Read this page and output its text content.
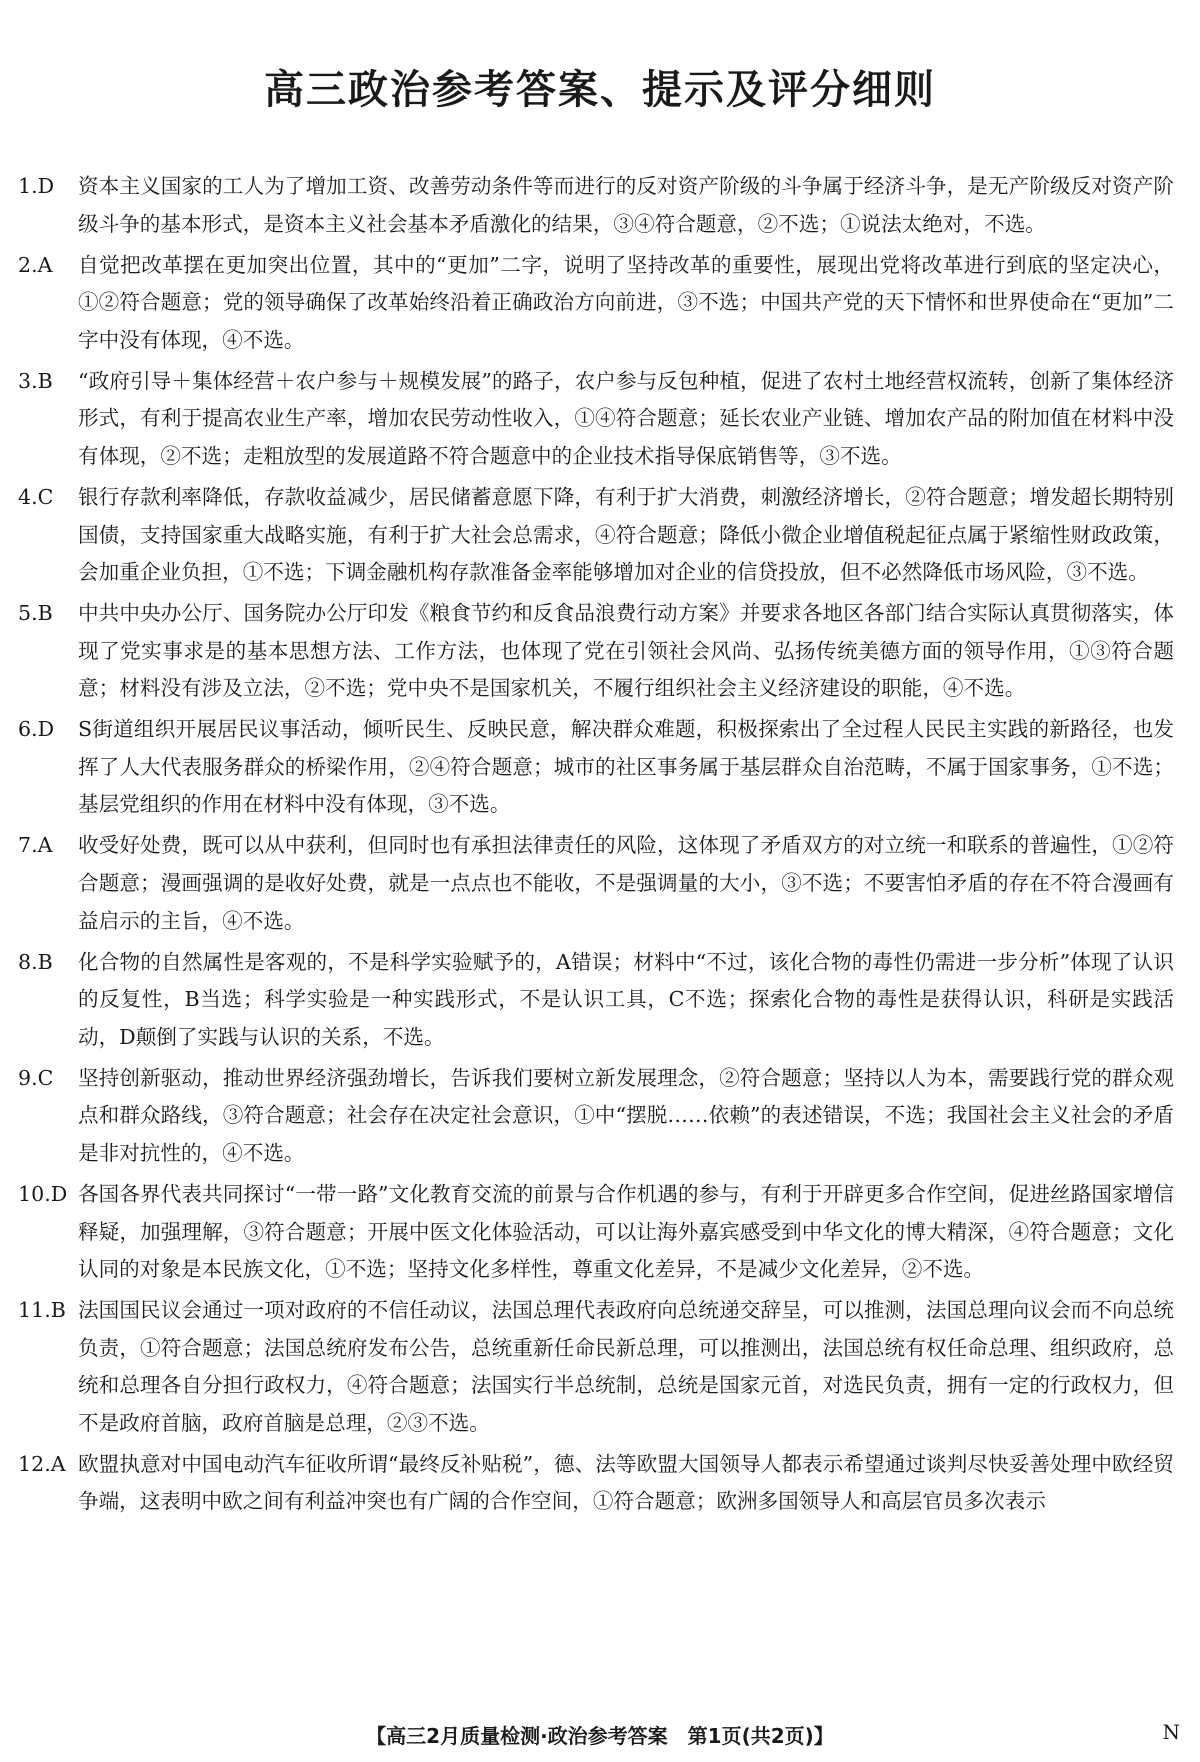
高三政治参考答案、提示及评分细则
1.D	资本主义国家的工人为了增加工资、改善劳动条件等而进行的反对资产阶级的斗争属于经济斗争，是无产阶级反对资产阶级斗争的基本形式，是资本主义社会基本矛盾激化的结果，③④符合题意，②不选；①说法太绝对，不选。
2.A	自觉把改革摆在更加突出位置，其中的“更加”二字，说明了坚持改革的重要性，展现出党将改革进行到底的坚定决心，①②符合题意；党的领导确保了改革始终沿着正确政治方向前进，③不选；中国共产党的天下情怀和世界使命在“更加”二字中没有体现，④不选。
3.B	“政府引导＋集体经营＋农户参与＋规模发展”的路子，农户参与反包种植，促进了农村土地经营权流转，创新了集体经济形式，有利于提高农业生产率，增加农民劳动性收入，①④符合题意；延长农业产业链、增加农产品的附加值在材料中没有体现，②不选；走粗放型的发展道路不符合题意中的企业技术指导保底销售等，③不选。
4.C	银行存款利率降低，存款收益减少，居民储蓄意愿下降，有利于扩大消费，刺激经济增长，②符合题意；增发超长期特别国债，支持国家重大战略实施，有利于扩大社会总需求，④符合题意；降低小微企业增值税起征点属于紧缩性财政政策，会加重企业负担，①不选；下调金融机构存款准备金率能够增加对企业的信贷投放，但不必然降低市场风险，③不选。
5.B	中共中央办公厅、国务院办公厅印发《粮食节约和反食品浪费行动方案》并要求各地区各部门结合实际认真贯彻落实，体现了党实事求是的基本思想方法、工作方法，也体现了党在引领社会风尚、弘扬传统美德方面的领导作用，①③符合题意；材料没有涉及立法，②不选；党中央不是国家机关，不履行组织社会主义经济建设的职能，④不选。
6.D	S街道组织开展居民议事活动，倾听民生、反映民意，解决群众难题，积极探索出了全过程人民民主实践的新路径，也发挥了人大代表服务群众的桥梁作用，②④符合题意；城市的社区事务属于基层群众自治范畴，不属于国家事务，①不选；基层党组织的作用在材料中没有体现，③不选。
7.A	收受好处费，既可以从中获利，但同时也有承担法律责任的风险，这体现了矛盾双方的对立统一和联系的普遍性，①②符合题意；漫画强调的是收好处费，就是一点点也不能收，不是强调量的大小，③不选；不要害怕矛盾的存在不符合漫画有益启示的主旨，④不选。
8.B	化合物的自然属性是客观的，不是科学实验赋予的，A错误；材料中“不过，该化合物的毒性仍需进一步分析”体现了认识的反复性，B当选；科学实验是一种实践形式，不是认识工具，C不选；探索化合物的毒性是获得认识，科研是实践活动，D颠倒了实践与认识的关系，不选。
9.C	坚持创新驱动，推动世界经济强劲增长，告诉我们要树立新发展理念，②符合题意；坚持以人为本，需要践行党的群众观点和群众路线，③符合题意；社会存在决定社会意识，①中“摆脱……依赖”的表述错误，不选；我国社会主义社会的矛盾是非对抗性的，④不选。
10.D 各国各界代表共同探讨“一带一路”文化教育交流的前景与合作机遇的参与，有利于开辟更多合作空间，促进丝路国家增信释疑，加强理解，③符合题意；开展中医文化体验活动，可以让海外嘉宾感受到中华文化的博大精深，④符合题意；文化认同的对象是本民族文化，①不选；坚持文化多样性，尊重文化差异，不是减少文化差异，②不选。
11.B 法国国民议会通过一项对政府的不信任动议，法国总理代表政府向总统递交辞呈，可以推测，法国总理向议会而不向总统负责，①符合题意；法国总统府发布公告，总统重新任命民新总理，可以推测出，法国总统有权任命总理、组织政府，总统和总理各自分担行政权力，④符合题意；法国实行半总统制，总统是国家元首，对选民负责，拥有一定的行政权力，但不是政府首脑，政府首脑是总理，②③不选。
12.A 欧盟执意对中国电动汽车征收所谓“最终反补贴税”，德、法等欧盟大国领导人都表示希望通过谈判尽快妥善处理中欧经贸争端，这表明中欧之间有利益冲突也有广阔的合作空间，①符合题意；欧洲多国领导人和高层官员多次表示
【高三2月质量检测·政治参考答案　第1页(共2页)】	N
